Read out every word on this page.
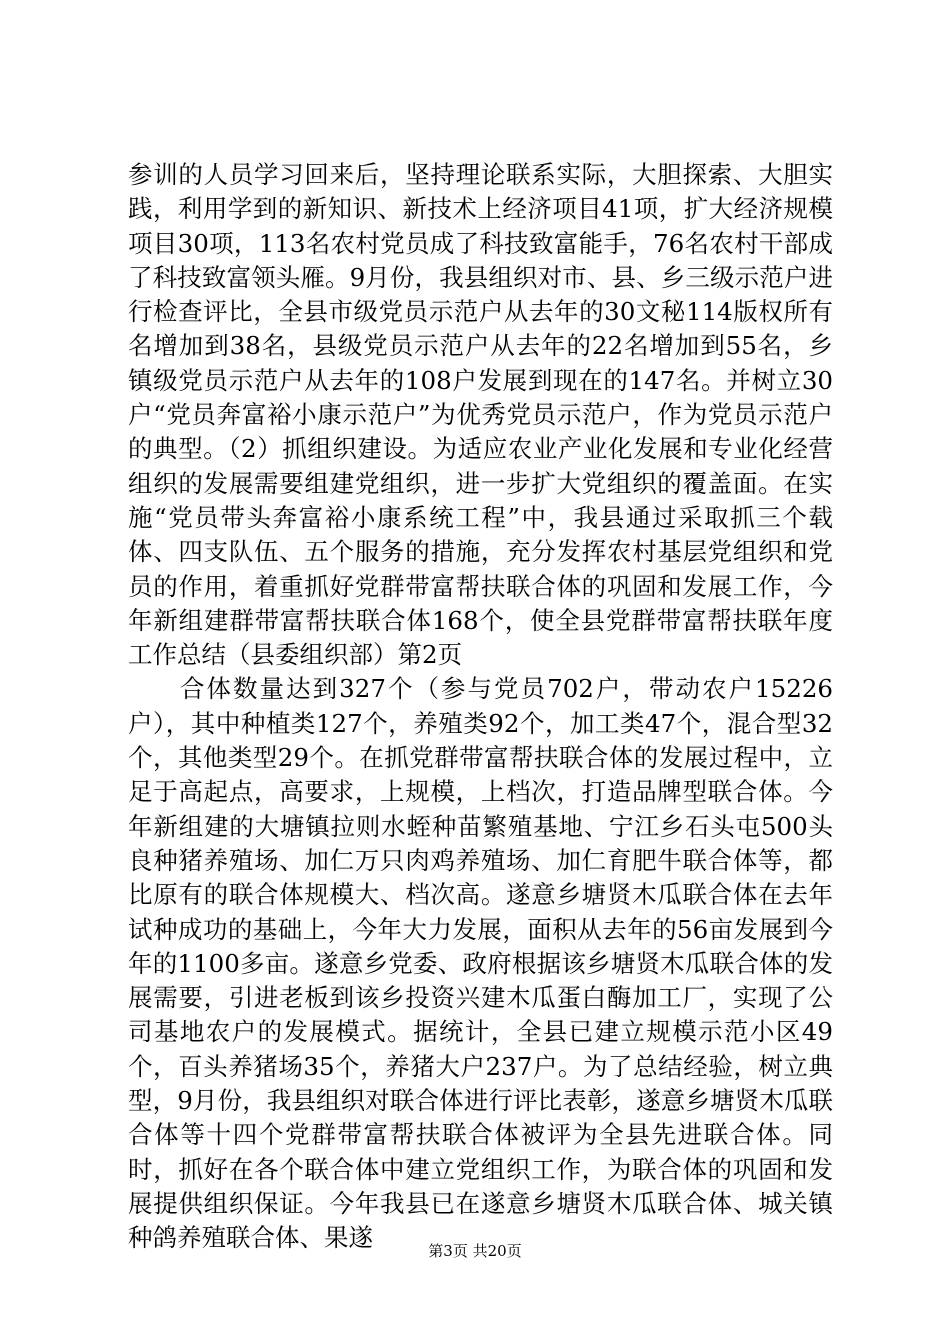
参训的人员学习回来后，坚持理论联系实际，大胆探索、大胆实践，利用学到的新知识、新技术上经济项目41项，扩大经济规模项目30项，113名农村党员成了科技致富能手，76名农村干部成了科技致富领头雁。9月份，我县组织对市、县、乡三级示范户进行检查评比，全县市级党员示范户从去年的30文秘114版权所有名增加到38名，县级党员示范户从去年的22名增加到55名，乡镇级党员示范户从去年的108户发展到现在的147名。并树立30户“党员奔富裕小康示范户”为优秀党员示范户，作为党员示范户的典型。（2）抓组织建设。为适应农业产业化发展和专业化经营组织的发展需要组建党组织，进一步扩大党组织的覆盖面。在实施“党员带头奔富裕小康系统工程”中，我县通过采取抓三个载体、四支队伍、五个服务的措施，充分发挥农村基层党组织和党员的作用，着重抓好党群带富帮扶联合体的巩固和发展工作，今年新组建群带富帮扶联合体168个，使全县党群带富帮扶联年度工作总结（县委组织部）第2页

合体数量达到327个（参与党员702户，带动农户15226户），其中种植类127个，养殖类92个，加工类47个，混合型32个，其他类型29个。在抓党群带富帮扶联合体的发展过程中，立足于高起点，高要求，上规模，上档次，打造品牌型联合体。今年新组建的大塘镇拉则水蛭种苗繁殖基地、宁江乡石头屯500头良种猪养殖场、加仁万只肉鸡养殖场、加仁育肥牛联合体等，都比原有的联合体规模大、档次高。遂意乡塘贤木瓜联合体在去年试种成功的基础上，今年大力发展，面积从去年的56亩发展到今年的1100多亩。遂意乡党委、政府根据该乡塘贤木瓜联合体的发展需要，引进老板到该乡投资兴建木瓜蛋白酶加工厂，实现了公司基地农户的发展模式。据统计，全县已建立规模示范小区49个，百头养猪场35个，养猪大户237户。为了总结经验，树立典型，9月份，我县组织对联合体进行评比表彰，遂意乡塘贤木瓜联合体等十四个党群带富帮扶联合体被评为全县先进联合体。同时，抓好在各个联合体中建立党组织工作，为联合体的巩固和发展提供组织保证。今年我县已在遂意乡塘贤木瓜联合体、城关镇种鸽养殖联合体、果遂	第3页 共20页
